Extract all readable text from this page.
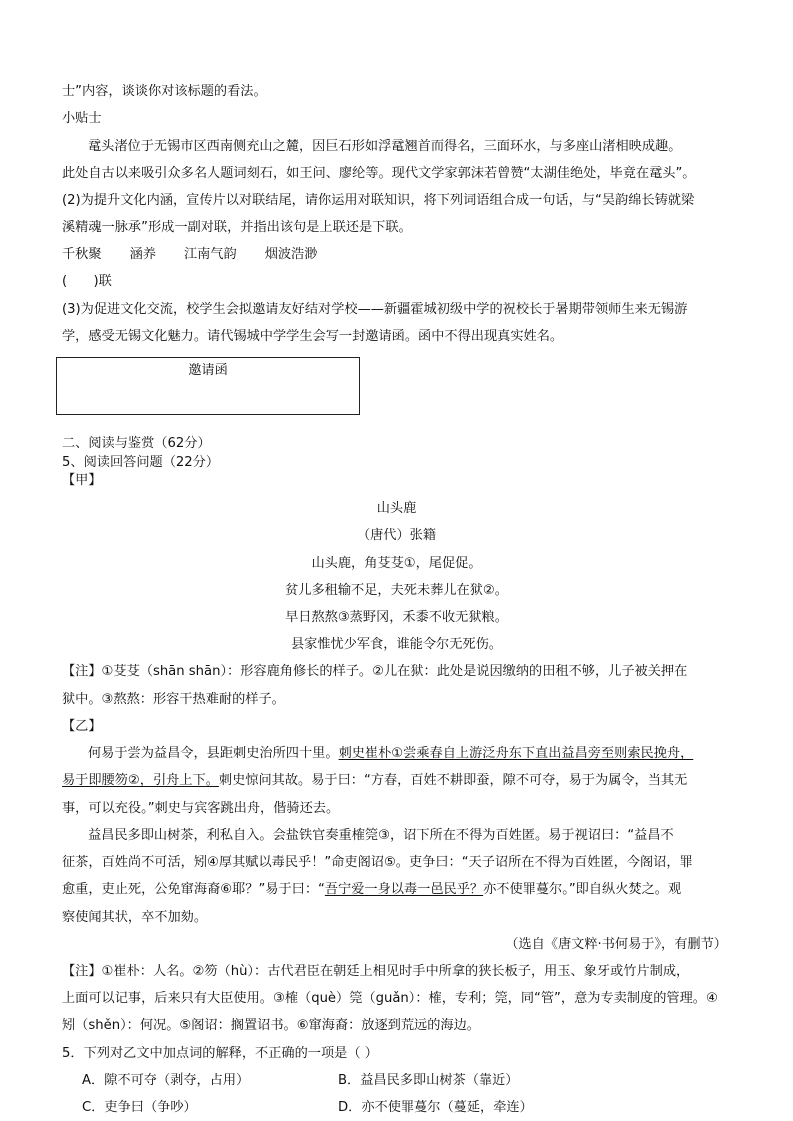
士”内容，谈谈你对该标题的看法。
小贴士
鼋头渚位于无锡市区西南侧充山之麓，因巨石形如浮鼋翘首而得名，三面环水，与多座山渚相映成趣。
此处自古以来吸引众多名人题词刻石，如王问、廖纶等。现代文学家郭沫若曾赞“太湖佳绝处，毕竟在鼋头”。
(2)为提升文化内涵，宣传片以对联结尾，请你运用对联知识，将下列词语组合成一句话，与“吴韵绵长铸就梁
溪精魂一脉承”形成一副对联，并指出该句是上联还是下联。
千秋聚 涵养 江南气韵 烟波浩渺
(　　)联
(3)为促进文化交流，校学生会拟邀请友好结对学校——新疆霍城初级中学的祝校长于暑期带领师生来无锡游
学，感受无锡文化魅力。请代锡城中学学生会写一封邀请函。函中不得出现真实姓名。
邀请函
二、阅读与鉴赏（62分）
5、阅读回答问题（22分）
【甲】
山头鹿
（唐代）张籍
山头鹿，角芟芟①，尾促促。
贫儿多租输不足，夫死未葬儿在狱②。
早日熬熬③蒸野冈，禾黍不收无狱粮。
县家惟忧少军食，谁能令尔无死伤。
【注】①芟芟（shān shān）：形容鹿角修长的样子。②儿在狱：此处是说因缴纳的田租不够，儿子被关押在
狱中。③熬熬：形容干热难耐的样子。
【乙】
何易于尝为益昌令，县距刺史治所四十里。刺史崔朴①尝乘春自上游泛舟东下直出益昌旁至则索民挽舟，
易于即腰笏②，引舟上下。刺史惊问其故。易于曰：“方春，百姓不耕即蚕，隙不可夺，易于为属令，当其无
事，可以充役。”刺史与宾客跳出舟，偕骑还去。
益昌民多即山树茶，利私自入。会盐铁官奏重榷筦③，诏下所在不得为百姓匿。易于视诏曰：“益昌不
征茶，百姓尚不可活，矧④厚其赋以毒民乎！”命吏阁诏⑤。吏争曰：“天子诏所在不得为百姓匿，今阁诏，罪
愈重，吏止死，公免窜海裔⑥耶？”易于曰：“吾宁爱一身以毒一邑民乎？亦不使罪蔓尔。”即自纵火焚之。观
察使闻其状，卒不加劾。
（选自《唐文粹·书何易于》，有删节）
【注】①崔朴：人名。②笏（hù）：古代君臣在朝廷上相见时手中所拿的狭长板子，用玉、象牙或竹片制成，
上面可以记事，后来只有大臣使用。③榷（què）筦（guǎn）：榷，专利；筦，同“管”，意为专卖制度的管理。④
矧（shěn）：何况。⑤阁诏：搁置诏书。⑥窜海裔：放逐到荒远的海边。
5．下列对乙文中加点词的解释，不正确的一项是（ ）
A．隙不可夺（剥夺，占用）	B．益昌民多即山树茶（靠近）
C．吏争曰（争吵）	D．亦不使罪蔓尔（蔓延，牵连）
